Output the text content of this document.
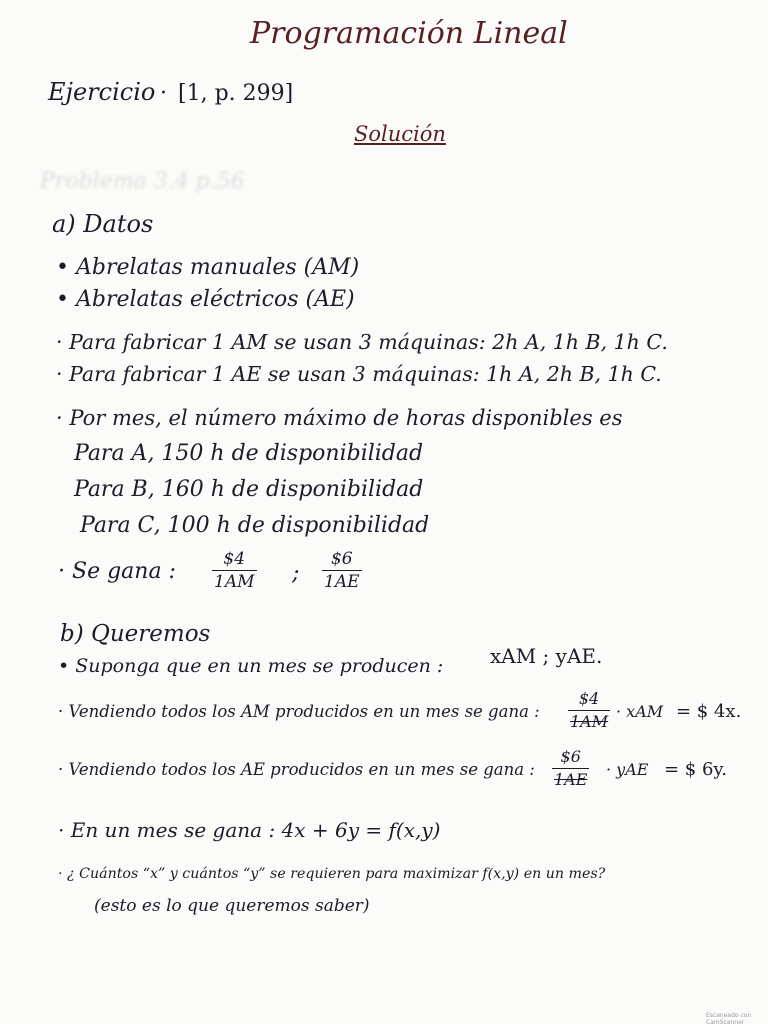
Programación Lineal
Ejercicio · [1, p. 299]
Solución
Problema 3.4 p.56
a) Datos
• Abrelatas manuales (AM)
• Abrelatas eléctricos (AE)
· Para fabricar 1 AM se usan 3 máquinas: 2h A, 1h B, 1h C.
· Para fabricar 1 AE se usan 3 máquinas: 1h A, 2h B, 1h C.
· Por mes, el número máximo de horas disponibles es
Para A, 150 h de disponibilidad
Para B, 160 h de disponibilidad
Para C, 100 h de disponibilidad
· Se gana :	$4
1AM ;
$6
1AE
b) Queremos
• Suponga que en un mes se producen : xAM ; yAE.
· Vendiendo todos los AM producidos en un mes se gana :
$4
1AM
· xAM = $ 4x.
· Vendiendo todos los AE producidos en un mes se gana :
$6
1AE
· yAE = $ 6y.
· En un mes se gana : 4x + 6y = f(x,y)
· ¿ Cuántos “x” y cuántos “y” se requieren para maximizar f(x,y) en un mes?
(esto es lo que queremos saber)
Escaneado con CamScanner
